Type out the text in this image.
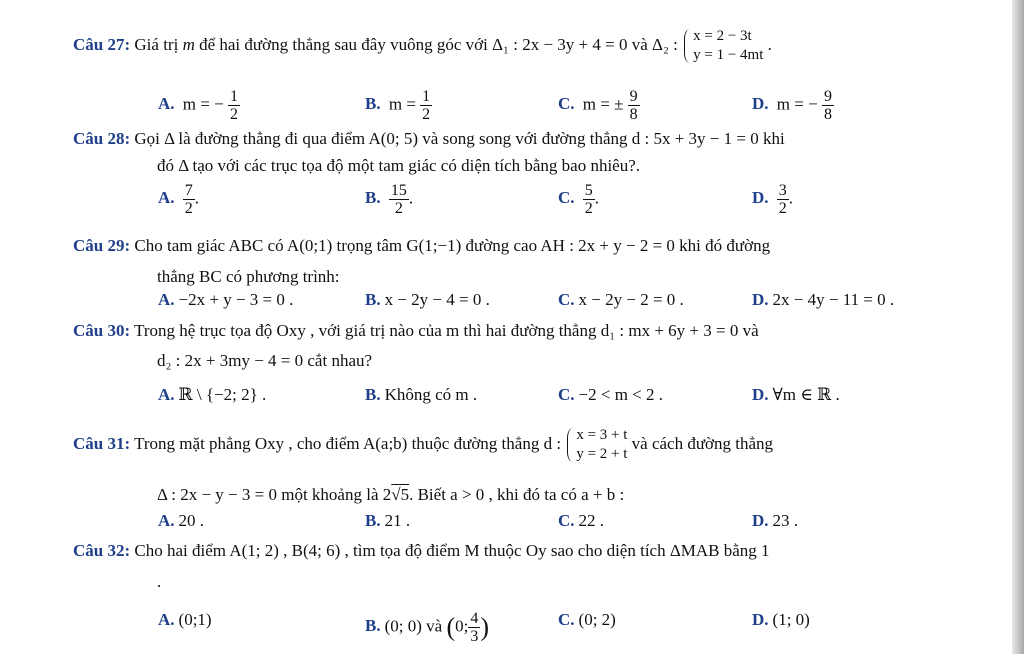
Câu 27: Giá trị m để hai đường thẳng sau đây vuông góc với Δ₁ : 2x − 3y + 4 = 0 và Δ₂ : x = 2 − 3t
y = 1 − 4mt
.
A. m = − $\frac{1}{2}$	B. $m = \frac{1}{2}$	C. m = ± $\frac{9}{8}$	D. m = − $\frac{9}{8}$
Câu 28: Gọi Δ là đường thẳng đi qua điểm A(0; 5) và song song với đường thẳng d : 5x + 3y − 1 = 0 khi
đó Δ tạo với các trục tọa độ một tam giác có diện tích bằng bao nhiêu?.
A. $\frac{7}{2}$ .	B. $\frac{15}{2}$ .	C. $\frac{5}{2}$ .	D. $\frac{3}{2}$ .
Câu 29: Cho tam giác ABC có A(0;1) trọng tâm G(1;−1) đường cao AH : 2x + y − 2 = 0 khi đó đường
thẳng BC có phương trình:
A. −2x + y − 3 = 0 .	B. x − 2y − 4 = 0 .	C. x − 2y − 2 = 0 .	D. 2x − 4y − 11 = 0 .
Câu 30: Trong hệ trục tọa độ Oxy , với giá trị nào của m thì hai đường thẳng d₁ : mx + 6y + 3 = 0 và
d₂ : 2x + 3my − 4 = 0 cắt nhau?
A. ℝ \ {−2; 2} .	B. Không có m .	C. −2 < m < 2 .	D. ∀m ∈ ℝ .
Câu 31: Trong mặt phẳng Oxy , cho điểm A(a;b) thuộc đường thẳng d : x = 3 + t
y = 2 + t
và cách đường thẳng
Δ : 2x − y − 3 = 0 một khoảng là 2√5. Biết a > 0 , khi đó ta có a + b :
A. 20 .	B. 21 .	C. 22 .	D. 23 .
Câu 32: Cho hai điểm A(1; 2) , B(4; 6) , tìm tọa độ điểm M thuộc Oy sao cho diện tích ΔMAB bằng 1
.
A. (0;1)	B. (0; 0) và (0; $\frac{4}{3}$ )	C. (0; 2)	D. (1; 0)
